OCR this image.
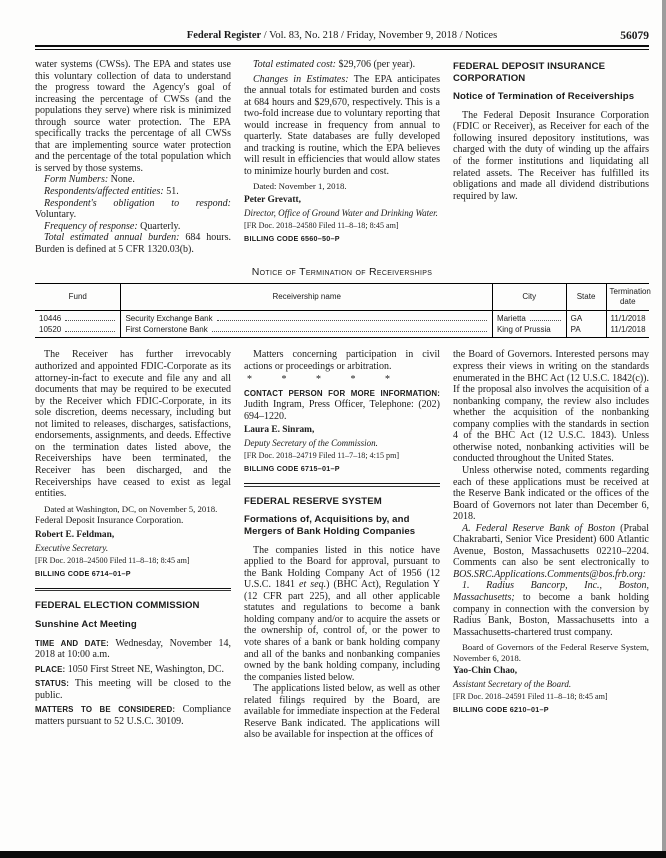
Federal Register / Vol. 83, No. 218 / Friday, November 9, 2018 / Notices	56079

water systems (CWSs). The EPA and states use this voluntary collection of data to understand the progress toward the Agency's goal of increasing the percentage of CWSs (and the populations they serve) where risk is minimized through source water protection. The EPA specifically tracks the percentage of all CWSs that are implementing source water protection and the percentage of the total population which is served by those systems.

Form Numbers: None.

Respondents/affected entities: 51.

Respondent's obligation to respond: Voluntary.

Frequency of response: Quarterly.

Total estimated annual burden: 684 hours. Burden is defined at 5 CFR 1320.03(b).

Total estimated cost: $29,706 (per year).

Changes in Estimates: The EPA anticipates the annual totals for estimated burden and costs at 684 hours and $29,670, respectively. This is a two-fold increase due to voluntary reporting that would increase in frequency from annual to quarterly. State databases are fully developed and tracking is routine, which the EPA believes will result in efficiencies that would allow states to minimize hourly burden and cost.

Dated: November 1, 2018.

Peter Grevatt,

Director, Office of Ground Water and Drinking Water.

[FR Doc. 2018–24580 Filed 11–8–18; 8:45 am]

BILLING CODE 6560–50–P

FEDERAL DEPOSIT INSURANCE CORPORATION
Notice of Termination of Receiverships

The Federal Deposit Insurance Corporation (FDIC or Receiver), as Receiver for each of the following insured depository institutions, was charged with the duty of winding up the affairs of the former institutions and liquidating all related assets. The Receiver has fulfilled its obligations and made all dividend distributions required by law.

Notice of Termination of Receiverships
Fund	Receivership name	City	State	Termination date

10446	Security Exchange Bank	Marietta	GA	11/1/2018

10520	First Cornerstone Bank	King of Prussia	PA	11/1/2018

The Receiver has further irrevocably authorized and appointed FDIC-Corporate as its attorney-in-fact to execute and file any and all documents that may be required to be executed by the Receiver which FDIC-Corporate, in its sole discretion, deems necessary, including but not limited to releases, discharges, satisfactions, endorsements, assignments, and deeds. Effective on the termination dates listed above, the Receiverships have been terminated, the Receiver has been discharged, and the Receiverships have ceased to exist as legal entities.

Dated at Washington, DC, on November 5, 2018.

Federal Deposit Insurance Corporation.

Robert E. Feldman,

Executive Secretary.

[FR Doc. 2018–24500 Filed 11–8–18; 8:45 am]

BILLING CODE 6714–01–P

FEDERAL ELECTION COMMISSION
Sunshine Act Meeting

TIME AND DATE: Wednesday, November 14, 2018 at 10:00 a.m.

PLACE: 1050 First Street NE, Washington, DC.

STATUS: This meeting will be closed to the public.

MATTERS TO BE CONSIDERED: Compliance matters pursuant to 52 U.S.C. 30109.

Matters concerning participation in civil actions or proceedings or arbitration.

* * * * *

CONTACT PERSON FOR MORE INFORMATION: Judith Ingram, Press Officer, Telephone: (202) 694–1220.

Laura E. Sinram,

Deputy Secretary of the Commission.

[FR Doc. 2018–24719 Filed 11–7–18; 4:15 pm]

BILLING CODE 6715–01–P

FEDERAL RESERVE SYSTEM
Formations of, Acquisitions by, and Mergers of Bank Holding Companies

The companies listed in this notice have applied to the Board for approval, pursuant to the Bank Holding Company Act of 1956 (12 U.S.C. 1841 et seq.) (BHC Act), Regulation Y (12 CFR part 225), and all other applicable statutes and regulations to become a bank holding company and/or to acquire the assets or the ownership of, control of, or the power to vote shares of a bank or bank holding company and all of the banks and nonbanking companies owned by the bank holding company, including the companies listed below.

The applications listed below, as well as other related filings required by the Board, are available for immediate inspection at the Federal Reserve Bank indicated. The applications will also be available for inspection at the offices of

the Board of Governors. Interested persons may express their views in writing on the standards enumerated in the BHC Act (12 U.S.C. 1842(c)). If the proposal also involves the acquisition of a nonbanking company, the review also includes whether the acquisition of the nonbanking company complies with the standards in section 4 of the BHC Act (12 U.S.C. 1843). Unless otherwise noted, nonbanking activities will be conducted throughout the United States.

Unless otherwise noted, comments regarding each of these applications must be received at the Reserve Bank indicated or the offices of the Board of Governors not later than December 6, 2018.

A. Federal Reserve Bank of Boston (Prabal Chakrabarti, Senior Vice President) 600 Atlantic Avenue, Boston, Massachusetts 02210–2204. Comments can also be sent electronically to BOS.SRC.Applications.Comments@bos.frb.org:

1. Radius Bancorp, Inc., Boston, Massachusetts; to become a bank holding company in connection with the conversion by Radius Bank, Boston, Massachusetts into a Massachusetts-chartered trust company.

Board of Governors of the Federal Reserve System, November 6, 2018.

Yao-Chin Chao,

Assistant Secretary of the Board.

[FR Doc. 2018–24591 Filed 11–8–18; 8:45 am]

BILLING CODE 6210–01–P
